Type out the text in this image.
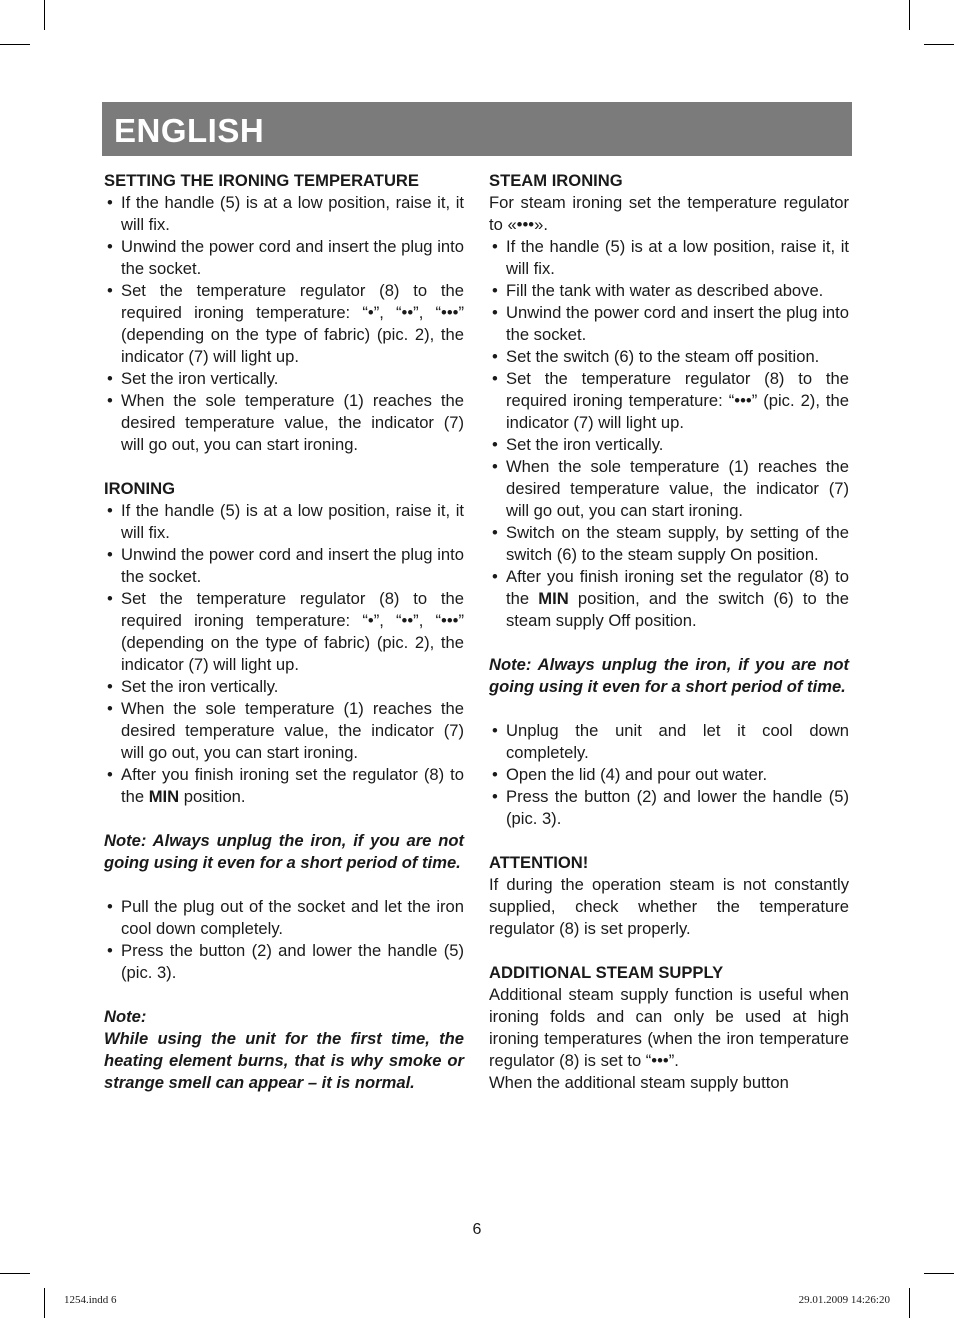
ENGLISH

SETTING THE IRONING TEMPERATURE

• If the handle (5) is at a low position, raise it, it will fix.
• Unwind the power cord and insert the plug into the socket.
• Set the temperature regulator (8) to the required ironing temperature: “•”, “••”, “•••” (depending on the type of fabric) (pic. 2), the indicator (7) will light up.
• Set the iron vertically.
• When the sole temperature (1) reaches the desired temperature value, the indicator (7) will go out, you can start ironing.

IRONING

• If the handle (5) is at a low position, raise it, it will fix.
• Unwind the power cord and insert the plug into the socket.
• Set the temperature regulator (8) to the required ironing temperature: “•”, “••”, “•••” (depending on the type of fabric) (pic. 2), the indicator (7) will light up.
• Set the iron vertically.
• When the sole temperature (1) reaches the desired temperature value, the indicator (7) will go out, you can start ironing.
• After you finish ironing set the regulator (8) to the MIN position.

Note: Always unplug the iron, if you are not going using it even for a short period of time.

• Pull the plug out of the socket and let the iron cool down completely.
• Press the button (2) and lower the handle (5) (pic. 3).

Note:

While using the unit for the first time, the heating element burns, that is why smoke or strange smell can appear – it is normal.

STEAM IRONING

For steam ironing set the temperature regulator to «•••».

• If the handle (5) is at a low position, raise it, it will fix.
• Fill the tank with water as described above.
• Unwind the power cord and insert the plug into the socket.
• Set the switch (6) to the steam off position.
• Set the temperature regulator (8) to the required ironing temperature: “•••” (pic. 2), the indicator (7) will light up.
• Set the iron vertically.
• When the sole temperature (1) reaches the desired temperature value, the indicator (7) will go out, you can start ironing.
• Switch on the steam supply, by setting of the switch (6) to the steam supply On position.
• After you finish ironing set the regulator (8) to the MIN position, and the switch (6) to the steam supply Off position.

Note: Always unplug the iron, if you are not going using it even for a short period of time.

• Unplug the unit and let it cool down completely.
• Open the lid (4) and pour out water.
• Press the button (2) and lower the handle (5) (pic. 3).

ATTENTION!

If during the operation steam is not constantly supplied, check whether the temperature regulator (8) is set properly.

ADDITIONAL STEAM SUPPLY

Additional steam supply function is useful when ironing folds and can only be used at high ironing temperatures (when the iron temperature regulator (8) is set to “•••”.

When the additional steam supply button

6
1254.indd 6	29.01.2009 14:26:20
